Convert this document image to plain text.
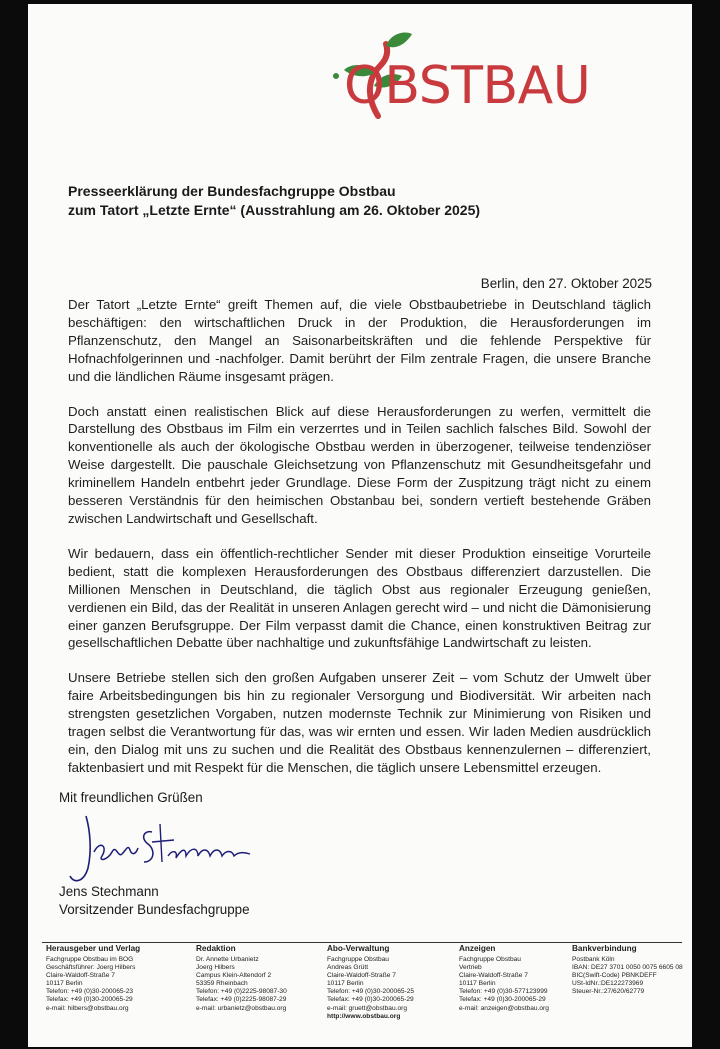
OBSTBAU
Presseerklärung der Bundesfachgruppe Obstbau
zum Tatort „Letzte Ernte“ (Ausstrahlung am 26. Oktober 2025)
Berlin, den 27. Oktober 2025

Der Tatort „Letzte Ernte“ greift Themen auf, die viele Obstbaubetriebe in Deutschland täglich beschäftigen: den wirtschaftlichen Druck in der Produktion, die Herausforderungen im Pflanzenschutz, den Mangel an Saisonarbeitskräften und die fehlende Perspektive für Hofnachfolgerinnen und -nachfolger. Damit berührt der Film zentrale Fragen, die unsere Branche und die ländlichen Räume insgesamt prägen.

Doch anstatt einen realistischen Blick auf diese Herausforderungen zu werfen, vermittelt die Darstellung des Obstbaus im Film ein verzerrtes und in Teilen sachlich falsches Bild. Sowohl der konventionelle als auch der ökologische Obstbau werden in überzogener, teilweise tendenziöser Weise dargestellt. Die pauschale Gleichsetzung von Pflanzenschutz mit Gesundheitsgefahr und kriminellem Handeln entbehrt jeder Grundlage. Diese Form der Zuspitzung trägt nicht zu einem besseren Verständnis für den heimischen Obstanbau bei, sondern vertieft bestehende Gräben zwischen Landwirtschaft und Gesellschaft.

Wir bedauern, dass ein öffentlich-rechtlicher Sender mit dieser Produktion einseitige Vorurteile bedient, statt die komplexen Herausforderungen des Obstbaus differenziert darzustellen. Die Millionen Menschen in Deutschland, die täglich Obst aus regionaler Erzeugung genießen, verdienen ein Bild, das der Realität in unseren Anlagen gerecht wird – und nicht die Dämonisierung einer ganzen Berufsgruppe. Der Film verpasst damit die Chance, einen konstruktiven Beitrag zur gesellschaftlichen Debatte über nachhaltige und zukunftsfähige Landwirtschaft zu leisten.

Unsere Betriebe stellen sich den großen Aufgaben unserer Zeit – vom Schutz der Umwelt über faire Arbeitsbedingungen bis hin zu regionaler Versorgung und Biodiversität. Wir arbeiten nach strengsten gesetzlichen Vorgaben, nutzen modernste Technik zur Minimierung von Risiken und tragen selbst die Verantwortung für das, was wir ernten und essen. Wir laden Medien ausdrücklich ein, den Dialog mit uns zu suchen und die Realität des Obstbaus kennenzulernen – differenziert, faktenbasiert und mit Respekt für die Menschen, die täglich unsere Lebensmittel erzeugen.

Mit freundlichen Grüßen
Jens Stechmann
Vorsitzender Bundesfachgruppe
Herausgeber und Verlag
Fachgruppe Obstbau im BOG
Geschäftsführer: Joerg Hilbers
Claire-Waldoff-Straße 7
10117 Berlin
Telefon: +49 (0)30-200065-23
Telefax: +49 (0)30-200065-29
e-mail: hilbers@obstbau.org
Redaktion
Dr. Annette Urbanietz
Joerg Hilbers
Campus Klein-Altendorf 2
53359 Rheinbach
Telefon: +49 (0)2225-98087-30
Telefax: +49 (0)2225-98087-29
e-mail: urbanietz@obstbau.org
Abo-Verwaltung
Fachgruppe Obstbau
Andreas Grütt
Claire-Waldoff-Straße 7
10117 Berlin
Telefon: +49 (0)30-200065-25
Telefax: +49 (0)30-200065-29
e-mail: gruett@obstbau.org
http://www.obstbau.org
Anzeigen
Fachgruppe Obstbau
Vertrieb
Claire-Waldoff-Straße 7
10117 Berlin
Telefon: +49 (0)30-577123999
Telefax: +49 (0)30-200065-29
e-mail: anzeigen@obstbau.org
Bankverbindung
Postbank Köln
IBAN: DE27 3701 0050 0075 6605 08
BIC(Swift-Code) PBNKDEFF
USt-IdNr.:DE122273969
Steuer-Nr.:27/620/62779
